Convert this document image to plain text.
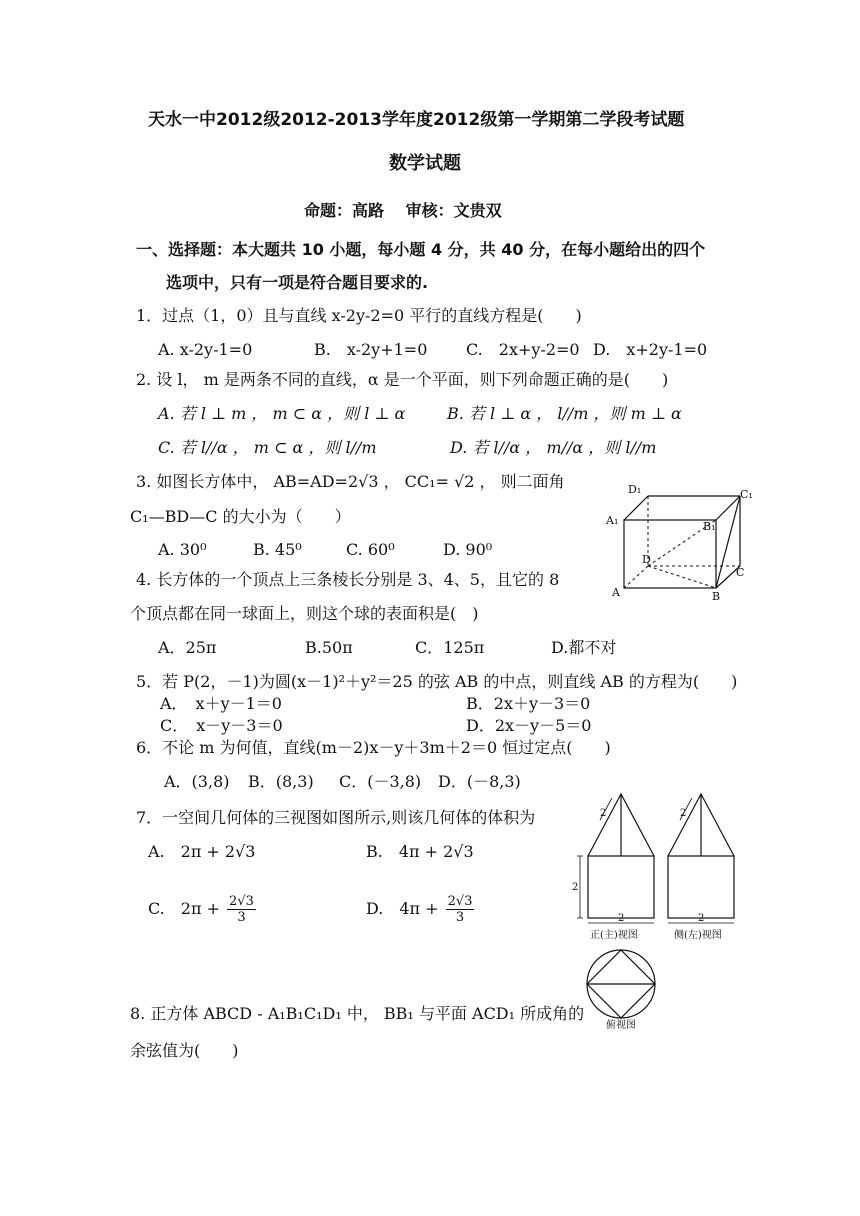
天水一中2012级2012-2013学年度2012级第一学期第二学段考试题
数学试题
命题：高路　 审核：文贵双
一、选择题：本大题共 10 小题，每小题 4 分，共 40 分，在每小题给出的四个
选项中，只有一项是符合题目要求的.
1．过点（1，0）且与直线 x-2y-2=0 平行的直线方程是(　　)
A. x-2y-1=0	B.　x-2y+1=0 C.　2x+y-2=0 D.　x+2y-1=0
2. 设 l， m 是两条不同的直线，α 是一个平面，则下列命题正确的是(　　)
A. 若 l ⊥ m ， m ⊂ α ，则 l ⊥ α	B. 若 l ⊥ α ， l//m ，则 m ⊥ α
C. 若 l//α ， m ⊂ α ，则 l//m	D. 若 l//α ， m//α ，则 l//m
3. 如图长方体中， AB=AD=2√3 ， CC₁= √2 ， 则二面角
C₁—BD—C 的大小为（　　）
A. 30⁰	B. 45⁰	C. 60⁰	D. 90⁰
D₁	C₁
A₁	B₁
D
C
A	B
4. 长方体的一个顶点上三条棱长分别是 3、4、5，且它的 8
个顶点都在同一球面上，则这个球的表面积是(　)
A．25π	B.50π	C．125π	D.都不对
5．若 P(2，－1)为圆(x－1)²＋y²＝25 的弦 AB 的中点，则直线 AB 的方程为(　　)
A．　x＋y－1＝0	B．2x＋y－3＝0
C．　x－y－3＝0	D．2x－y－5＝0
6．不论 m 为何值，直线(m－2)x－y＋3m＋2＝0 恒过定点(　　)
A．(3,8) B．(8,3) C．(－3,8) D．(－8,3)
7．一空间几何体的三视图如图所示,则该几何体的体积为
A.　2π + 2√3	B.　4π + 2√3
C.　$2\pi + \frac{2√3}{3}$	D.　$4\pi + \frac{2√3}{3}$
2
2	2
2	2
正(主)视图	侧(左)视图
俯视图
8. 正方体 ABCD - A₁B₁C₁D₁ 中， BB₁ 与平面 ACD₁ 所成角的
余弦值为(　　)
